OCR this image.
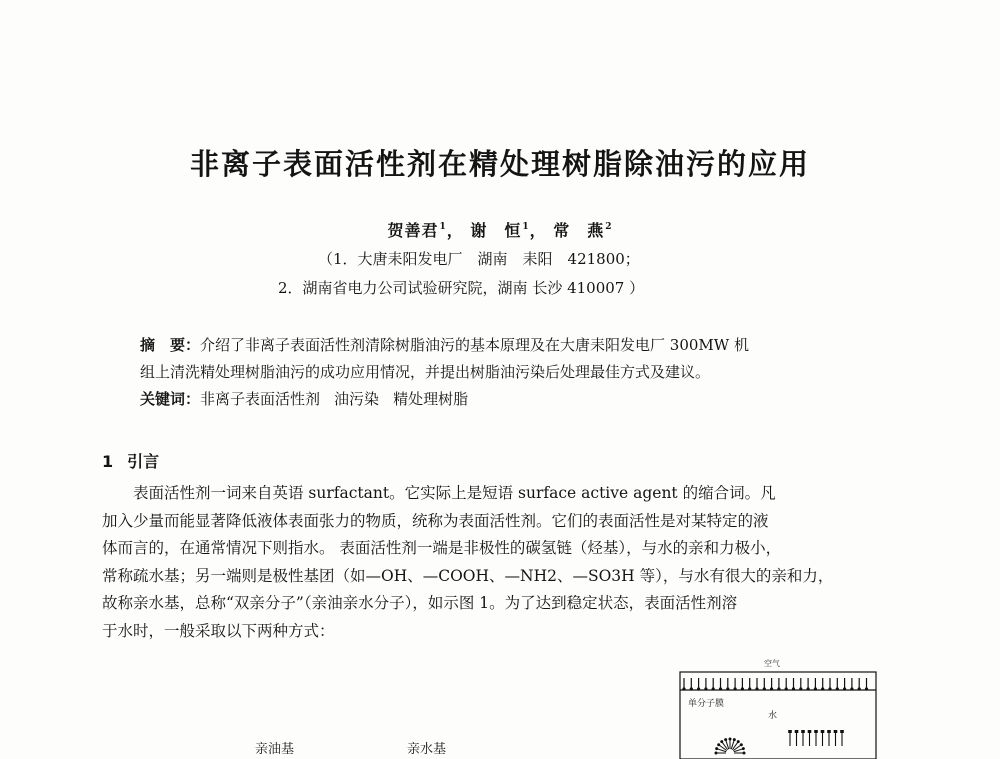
非离子表面活性剂在精处理树脂除油污的应用
贺善君$^1$， 谢　恒$^1$， 常　燕$^2$
（1．大唐耒阳发电厂　湖南　耒阳　421800；
2．湖南省电力公司试验研究院，湖南 长沙 410007 ）

摘　要：介绍了非离子表面活性剂清除树脂油污的基本原理及在大唐耒阳发电厂 300MW 机

组上清洗精处理树脂油污的成功应用情况，并提出树脂油污染后处理最佳方式及建议。

关键词：非离子表面活性剂 油污染 精处理树脂

1 引言

　　表面活性剂一词来自英语 surfactant。它实际上是短语 surface active agent 的缩合词。凡

加入少量而能显著降低液体表面张力的物质，统称为表面活性剂。它们的表面活性是对某特定的液

体而言的，在通常情况下则指水。 表面活性剂一端是非极性的碳氢链（烃基），与水的亲和力极小，

常称疏水基；另一端则是极性基团（如—OH、—COOH、—NH2、—SO3H 等），与水有很大的亲和力，

故称亲水基，总称“双亲分子”（亲油亲水分子），如示图 1。为了达到稳定状态，表面活性剂溶

于水时，一般采取以下两种方式：

亲油基	亲水基
空气
单分子膜
水
